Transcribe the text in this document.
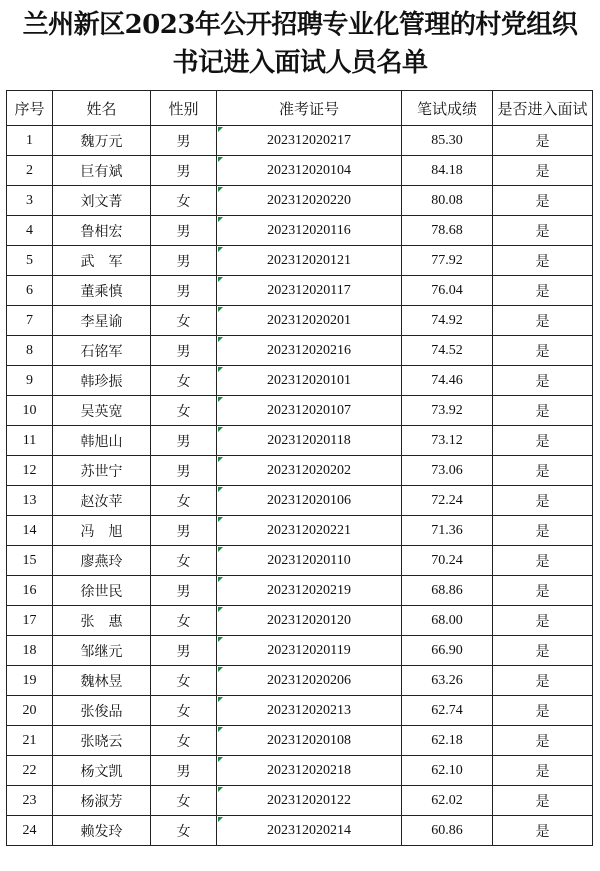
兰州新区2023年公开招聘专业化管理的村党组织
书记进入面试人员名单
序号	姓名	性别	准考证号	笔试成绩	是否进入面试
1	魏万元	男	202312020217	85.30	是
2	巨有斌	男	202312020104	84.18	是
3	刘文菁	女	202312020220	80.08	是
4	鲁相宏	男	202312020116	78.68	是
5	武　军	男	202312020121	77.92	是
6	董乘慎	男	202312020117	76.04	是
7	李星谕	女	202312020201	74.92	是
8	石铭军	男	202312020216	74.52	是
9	韩珍振	女	202312020101	74.46	是
10	吴英宽	女	202312020107	73.92	是
11	韩旭山	男	202312020118	73.12	是
12	苏世宁	男	202312020202	73.06	是
13	赵汝苹	女	202312020106	72.24	是
14	冯　旭	男	202312020221	71.36	是
15	廖燕玲	女	202312020110	70.24	是
16	徐世民	男	202312020219	68.86	是
17	张　惠	女	202312020120	68.00	是
18	邹继元	男	202312020119	66.90	是
19	魏林昱	女	202312020206	63.26	是
20	张俊品	女	202312020213	62.74	是
21	张晓云	女	202312020108	62.18	是
22	杨文凯	男	202312020218	62.10	是
23	杨淑芳	女	202312020122	62.02	是
24	赖发玲	女	202312020214	60.86	是
